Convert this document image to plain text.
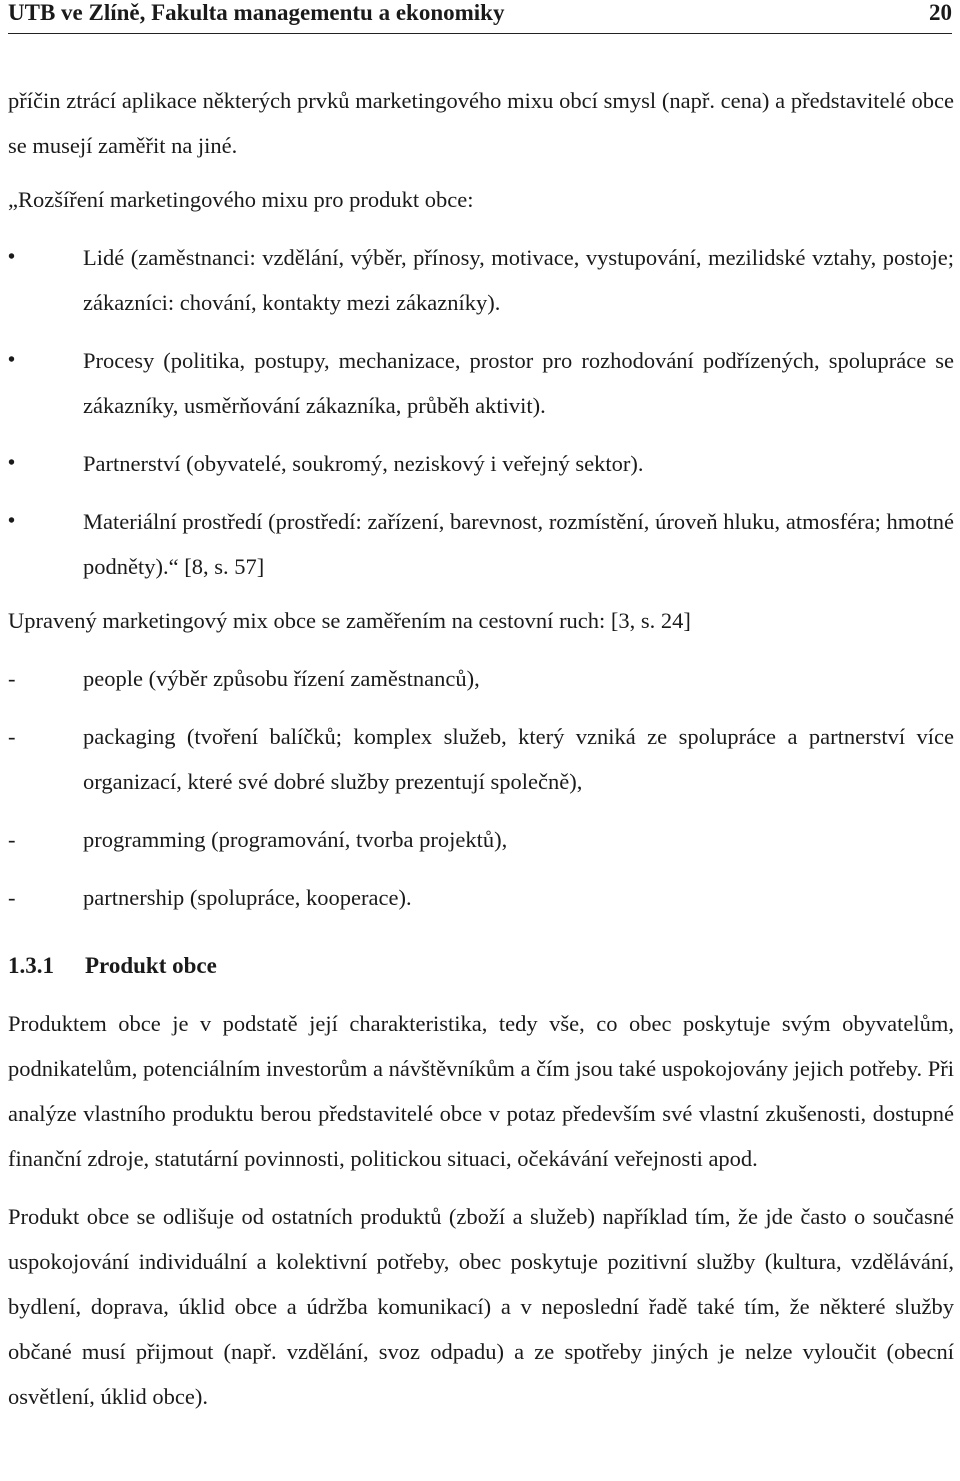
UTB ve Zlíně, Fakulta managementu a ekonomiky	20

příčin ztrácí aplikace některých prvků marketingového mixu obcí smysl (např. cena) a představitelé obce se musejí zaměřit na jiné.

„Rozšíření marketingového mixu pro produkt obce:

•	Lidé (zaměstnanci: vzdělání, výběr, přínosy, motivace, vystupování, mezilidské vztahy, postoje; zákazníci: chování, kontakty mezi zákazníky).

•	Procesy (politika, postupy, mechanizace, prostor pro rozhodování podřízených, spolupráce se zákazníky, usměrňování zákazníka, průběh aktivit).

•	Partnerství (obyvatelé, soukromý, neziskový i veřejný sektor).

•	Materiální prostředí (prostředí: zařízení, barevnost, rozmístění, úroveň hluku, atmosféra; hmotné podněty).“ [8, s. 57]

Upravený marketingový mix obce se zaměřením na cestovní ruch: [3, s. 24]

-	people (výběr způsobu řízení zaměstnanců),

-	packaging (tvoření balíčků; komplex služeb, který vzniká ze spolupráce a partnerství více organizací, které své dobré služby prezentují společně),

-	programming (programování, tvorba projektů),

-	partnership (spolupráce, kooperace).

1.3.1	Produkt obce

Produktem obce je v podstatě její charakteristika, tedy vše, co obec poskytuje svým obyvatelům, podnikatelům, potenciálním investorům a návštěvníkům a čím jsou také uspokojovány jejich potřeby. Při analýze vlastního produktu berou představitelé obce v potaz především své vlastní zkušenosti, dostupné finanční zdroje, statutární povinnosti, politickou situaci, očekávání veřejnosti apod.

Produkt obce se odlišuje od ostatních produktů (zboží a služeb) například tím, že jde často o současné uspokojování individuální a kolektivní potřeby, obec poskytuje pozitivní služby (kultura, vzdělávání, bydlení, doprava, úklid obce a údržba komunikací) a v neposlední řadě také tím, že některé služby občané musí přijmout (např. vzdělání, svoz odpadu) a ze spotřeby jiných je nelze vyloučit (obecní osvětlení, úklid obce).
